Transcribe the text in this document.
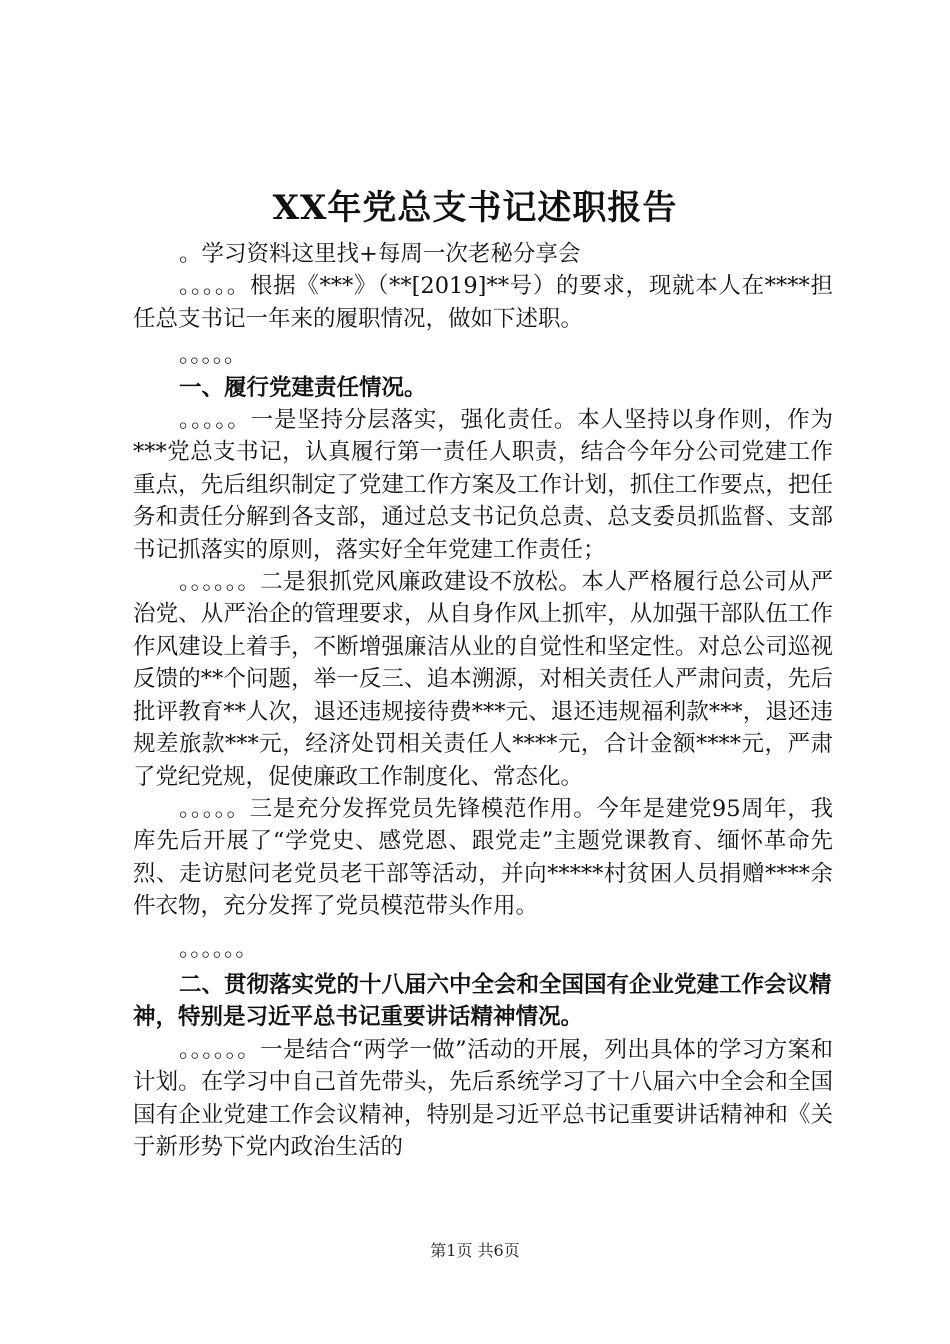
XX年党总支书记述职报告

。学习资料这里找+每周一次老秘分享会

。。。。。根据《***》（**[2019]**号）的要求，现就本人在****担任总支书记一年来的履职情况，做如下述职。

。。。。。

一、履行党建责任情况。

。。。。。一是坚持分层落实，强化责任。本人坚持以身作则，作为***党总支书记，认真履行第一责任人职责，结合今年分公司党建工作重点，先后组织制定了党建工作方案及工作计划，抓住工作要点，把任务和责任分解到各支部，通过总支书记负总责、总支委员抓监督、支部书记抓落实的原则，落实好全年党建工作责任；

。。。。。。二是狠抓党风廉政建设不放松。本人严格履行总公司从严治党、从严治企的管理要求，从自身作风上抓牢，从加强干部队伍工作作风建设上着手，不断增强廉洁从业的自觉性和坚定性。对总公司巡视反馈的**个问题，举一反三、追本溯源，对相关责任人严肃问责，先后批评教育**人次，退还违规接待费***元、退还违规福利款***，退还违规差旅款***元，经济处罚相关责任人****元，合计金额****元，严肃了党纪党规，促使廉政工作制度化、常态化。

。。。。。三是充分发挥党员先锋模范作用。今年是建党95周年，我库先后开展了“学党史、感党恩、跟党走”主题党课教育、缅怀革命先烈、走访慰问老党员老干部等活动，并向*****村贫困人员捐赠****余件衣物，充分发挥了党员模范带头作用。

。。。。。。

二、贯彻落实党的十八届六中全会和全国国有企业党建工作会议精神，特别是习近平总书记重要讲话精神情况。

。。。。。。一是结合“两学一做”活动的开展，列出具体的学习方案和计划。在学习中自己首先带头，先后系统学习了十八届六中全会和全国国有企业党建工作会议精神，特别是习近平总书记重要讲话精神和《关于新形势下党内政治生活的

第1页 共6页
